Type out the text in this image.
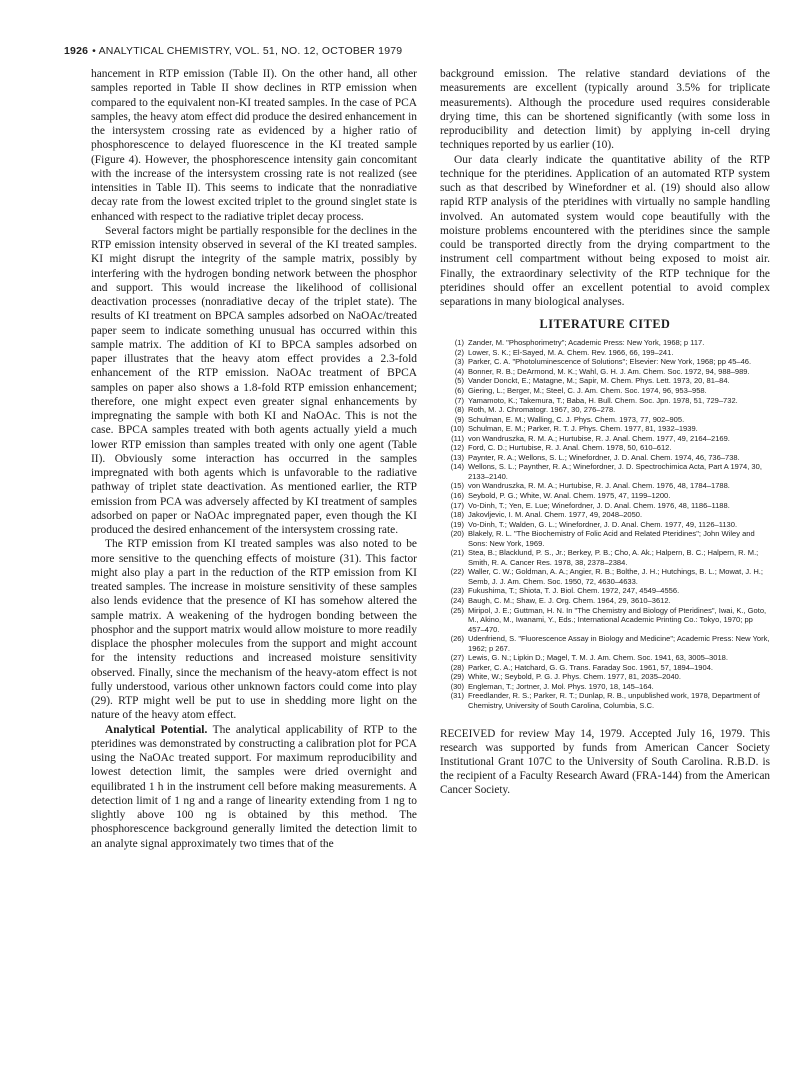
1926 • ANALYTICAL CHEMISTRY, VOL. 51, NO. 12, OCTOBER 1979

hancement in RTP emission (Table II). On the other hand, all other samples reported in Table II show declines in RTP emission when compared to the equivalent non-KI treated samples. In the case of PCA samples, the heavy atom effect did produce the desired enhancement in the intersystem crossing rate as evidenced by a higher ratio of phosphorescence to delayed fluorescence in the KI treated sample (Figure 4). However, the phosphorescence intensity gain concomitant with the increase of the intersystem crossing rate is not realized (see intensities in Table II). This seems to indicate that the nonradiative decay rate from the lowest excited triplet to the ground singlet state is enhanced with respect to the radiative triplet decay process.

Several factors might be partially responsible for the declines in the RTP emission intensity observed in several of the KI treated samples. KI might disrupt the integrity of the sample matrix, possibly by interfering with the hydrogen bonding network between the phosphor and support. This would increase the likelihood of collisional deactivation processes (nonradiative decay of the triplet state). The results of KI treatment on BPCA samples adsorbed on NaOAc/treated paper seem to indicate something unusual has occurred within this sample matrix. The addition of KI to BPCA samples adsorbed on paper illustrates that the heavy atom effect provides a 2.3-fold enhancement of the RTP emission. NaOAc treatment of BPCA samples on paper also shows a 1.8-fold RTP emission enhancement; therefore, one might expect even greater signal enhancements by impregnating the sample with both KI and NaOAc. This is not the case. BPCA samples treated with both agents actually yield a much lower RTP emission than samples treated with only one agent (Table II). Obviously some interaction has occurred in the samples impregnated with both agents which is unfavorable to the radiative pathway of triplet state deactivation. As mentioned earlier, the RTP emission from PCA was adversely affected by KI treatment of samples adsorbed on paper or NaOAc impregnated paper, even though the KI produced the desired enhancement of the intersystem crossing rate.

The RTP emission from KI treated samples was also noted to be more sensitive to the quenching effects of moisture (31). This factor might also play a part in the reduction of the RTP emission from KI treated samples. The increase in moisture sensitivity of these samples also lends evidence that the presence of KI has somehow altered the sample matrix. A weakening of the hydrogen bonding between the phosphor and the support matrix would allow moisture to more readily displace the phospher molecules from the support and might account for the intensity reductions and increased moisture sensitivity observed. Finally, since the mechanism of the heavy-atom effect is not fully understood, various other unknown factors could come into play (29). RTP might well be put to use in shedding more light on the nature of the heavy atom effect.

Analytical Potential. The analytical applicability of RTP to the pteridines was demonstrated by constructing a calibration plot for PCA using the NaOAc treated support. For maximum reproducibility and lowest detection limit, the samples were dried overnight and equilibrated 1 h in the instrument cell before making measurements. A detection limit of 1 ng and a range of linearity extending from 1 ng to slightly above 100 ng is obtained by this method. The phosphorescence background generally limited the detection limit to an analyte signal approximately two times that of the

background emission. The relative standard deviations of the measurements are excellent (typically around 3.5% for triplicate measurements). Although the procedure used requires considerable drying time, this can be shortened significantly (with some loss in reproducibility and detection limit) by applying in-cell drying techniques reported by us earlier (10).

Our data clearly indicate the quantitative ability of the RTP technique for the pteridines. Application of an automated RTP system such as that described by Winefordner et al. (19) should also allow rapid RTP analysis of the pteridines with virtually no sample handling involved. An automated system would cope beautifully with the moisture problems encountered with the pteridines since the sample could be transported directly from the drying compartment to the instrument cell compartment without being exposed to moist air. Finally, the extraordinary selectivity of the RTP technique for the pteridines should offer an excellent potential to avoid complex separations in many biological analyses.

LITERATURE CITED
(1) Zander, M. "Phosphorimetry"; Academic Press: New York, 1968; p 117.
(2) Lower, S. K.; El-Sayed, M. A. Chem. Rev. 1966, 66, 199–241.
(3) Parker, C. A. "Photoluminescence of Solutions"; Elsevier: New York, 1968; pp 45–46.
(4) Bonner, R. B.; DeArmond, M. K.; Wahl, G. H. J. Am. Chem. Soc. 1972, 94, 988–989.
(5) Vander Donckt, E.; Matagne, M.; Sapir, M. Chem. Phys. Lett. 1973, 20, 81–84.
(6) Giering, L.; Berger, M.; Steel, C. J. Am. Chem. Soc. 1974, 96, 953–958.
(7) Yamamoto, K.; Takemura, T.; Baba, H. Bull. Chem. Soc. Jpn. 1978, 51, 729–732.
(8) Roth, M. J. Chromatogr. 1967, 30, 276–278.
(9) Schulman, E. M.; Walling, C. J. Phys. Chem. 1973, 77, 902–905.
(10) Schulman, E. M.; Parker, R. T. J. Phys. Chem. 1977, 81, 1932–1939.
(11) von Wandruszka, R. M. A.; Hurtubise, R. J. Anal. Chem. 1977, 49, 2164–2169.
(12) Ford, C. D.; Hurtubise, R. J. Anal. Chem. 1978, 50, 610–612.
(13) Paynter, R. A.; Wellons, S. L.; Winefordner, J. D. Anal. Chem. 1974, 46, 736–738.
(14) Wellons, S. L.; Paynther, R. A.; Winefordner, J. D. Spectrochimica Acta, Part A 1974, 30, 2133–2140.
(15) von Wandruszka, R. M. A.; Hurtubise, R. J. Anal. Chem. 1976, 48, 1784–1788.
(16) Seybold, P. G.; White, W. Anal. Chem. 1975, 47, 1199–1200.
(17) Vo-Dinh, T.; Yen, E. Lue; Winefordner, J. D. Anal. Chem. 1976, 48, 1186–1188.
(18) Jakovljevic, I. M. Anal. Chem. 1977, 49, 2048–2050.
(19) Vo-Dinh, T.; Walden, G. L.; Winefordner, J. D. Anal. Chem. 1977, 49, 1126–1130.
(20) Blakely, R. L. "The Biochemistry of Folic Acid and Related Pteridines"; John Wiley and Sons: New York, 1969.
(21) Stea, B.; Blacklund, P. S., Jr.; Berkey, P. B.; Cho, A. Ak.; Halpern, B. C.; Halpern, R. M.; Smith, R. A. Cancer Res. 1978, 38, 2378–2384.
(22) Waller, C. W.; Goldman, A. A.; Angier, R. B.; Bolthe, J. H.; Hutchings, B. L.; Mowat, J. H.; Semb, J. J. Am. Chem. Soc. 1950, 72, 4630–4633.
(23) Fukushima, T.; Shiota, T. J. Biol. Chem. 1972, 247, 4549–4556.
(24) Baugh, C. M.; Shaw, E. J. Org. Chem. 1964, 29, 3610–3612.
(25) Miripol, J. E.; Guttman, H. N. In "The Chemistry and Biology of Pteridines", Iwai, K., Goto, M., Akino, M., Iwanami, Y., Eds.; International Academic Printing Co.: Tokyo, 1970; pp 457–470.
(26) Udenfriend, S. "Fluorescence Assay in Biology and Medicine"; Academic Press: New York, 1962; p 267.
(27) Lewis, G. N.; Lipkin D.; Magel, T. M. J. Am. Chem. Soc. 1941, 63, 3005–3018.
(28) Parker, C. A.; Hatchard, G. G. Trans. Faraday Soc. 1961, 57, 1894–1904.
(29) White, W.; Seybold, P. G. J. Phys. Chem. 1977, 81, 2035–2040.
(30) Engleman, T.; Jortner, J. Mol. Phys. 1970, 18, 145–164.
(31) Freedlander, R. S.; Parker, R. T.; Dunlap, R. B., unpublished work, 1978, Department of Chemistry, University of South Carolina, Columbia, S.C.

RECEIVED for review May 14, 1979. Accepted July 16, 1979. This research was supported by funds from American Cancer Society Institutional Grant 107C to the University of South Carolina. R.B.D. is the recipient of a Faculty Research Award (FRA-144) from the American Cancer Society.
